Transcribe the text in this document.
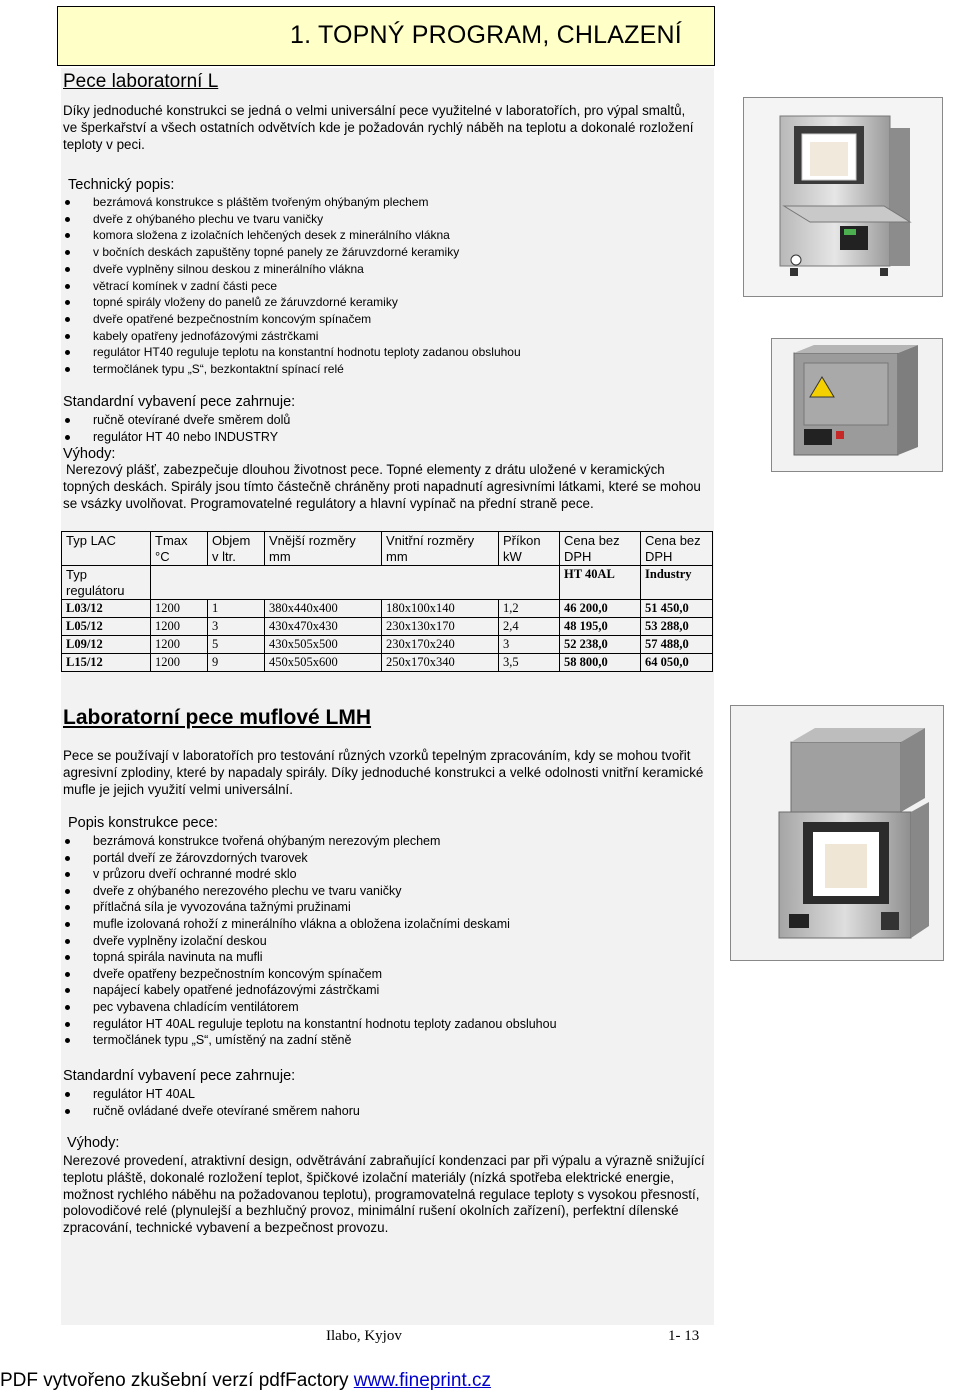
1. TOPNÝ PROGRAM, CHLAZENÍ
Pece laboratorní L
Díky jednoduché konstrukci se jedná o velmi universální pece využitelné v laboratořích, pro výpal smaltů, ve šperkařství a všech ostatních odvětvích kde je požadován rychlý náběh na teplotu a dokonalé rozložení teploty v peci.
Technický popis:
bezrámová konstrukce s pláštěm tvořeným ohýbaným plechem
dveře z ohýbaného plechu ve tvaru vaničky
komora složena z izolačních lehčených desek z minerálního vlákna
v bočních deskách zapuštěny topné panely ze žáruvzdorné keramiky
dveře vyplněny silnou deskou z minerálního vlákna
větrací komínek v zadní části pece
topné spirály vloženy do panelů ze žáruvzdorné keramiky
dveře opatřené bezpečnostním koncovým spínačem
kabely opatřeny jednofázovými zástrčkami
regulátor HT40 reguluje teplotu na konstantní hodnotu teploty zadanou obsluhou
termočlánek typu „S“, bezkontaktní spínací relé
Standardní vybavení pece zahrnuje:
ručně otevírané dveře směrem dolů
regulátor HT 40 nebo INDUSTRY
Výhody:
Nerezový plášť, zabezpečuje dlouhou životnost pece. Topné elementy z drátu uložené v keramických topných deskách. Spirály jsou tímto částečně chráněny proti napadnutí agresivními látkami, které se mohou se vsázky uvolňovat. Programovatelné regulátory a hlavní vypínač na přední straně pece.
Typ LAC	Tmax °C	Objem v ltr.	Vnější rozměry mm	Vnitřní rozměry mm	Příkon kW	Cena bez DPH	Cena bez DPH
Typ regulátoru						HT 40AL	Industry
L03/12	1200	1	380x440x400	180x100x140	1,2	46 200,0	51 450,0
L05/12	1200	3	430x470x430	230x130x170	2,4	48 195,0	53 288,0
L09/12	1200	5	430x505x500	230x170x240	3	52 238,0	57 488,0
L15/12	1200	9	450x505x600	250x170x340	3,5	58 800,0	64 050,0
Laboratorní pece muflové LMH
Pece se používají v laboratořích pro testování různých vzorků tepelným zpracováním, kdy se mohou tvořit agresivní zplodiny, které by napadaly spirály. Díky jednoduché konstrukci a velké odolnosti vnitřní keramické mufle je jejich využití velmi universální.
Popis konstrukce pece:
bezrámová konstrukce tvořená ohýbaným nerezovým plechem
portál dveří ze žárovzdorných tvarovek
v průzoru dveří ochranné modré sklo
dveře z ohýbaného nerezového plechu ve tvaru vaničky
přítlačná síla je vyvozována tažnými pružinami
mufle izolovaná rohoží z minerálního vlákna a obložena izolačními deskami
dveře vyplněny izolační deskou
topná spirála navinuta na mufli
dveře opatřeny bezpečnostním koncovým spínačem
napájecí kabely opatřené jednofázovými zástrčkami
pec vybavena chladícím ventilátorem
regulátor HT 40AL reguluje teplotu na konstantní hodnotu teploty zadanou obsluhou
termočlánek typu „S“, umístěný na zadní stěně
Standardní vybavení pece zahrnuje:
regulátor HT 40AL
ručně ovládané dveře otevírané směrem nahoru
Výhody:
Nerezové provedení, atraktivní design, odvětrávání zabraňující kondenzaci par při výpalu a výrazně snižující teplotu pláště, dokonalé rozložení teplot, špičkové izolační materiály (nízká spotřeba elektrické energie, možnost rychlého náběhu na požadovanou teplotu), programovatelná regulace teploty s vysokou přesností, polovodičové relé (plynulejší a bezhlučný provoz, minimální rušení okolních zařízení), perfektní dílenské zpracování, technické vybavení a bezpečnost provozu.
Ilabo, Kyjov	1- 13
PDF vytvořeno zkušební verzí pdfFactory www.fineprint.cz
